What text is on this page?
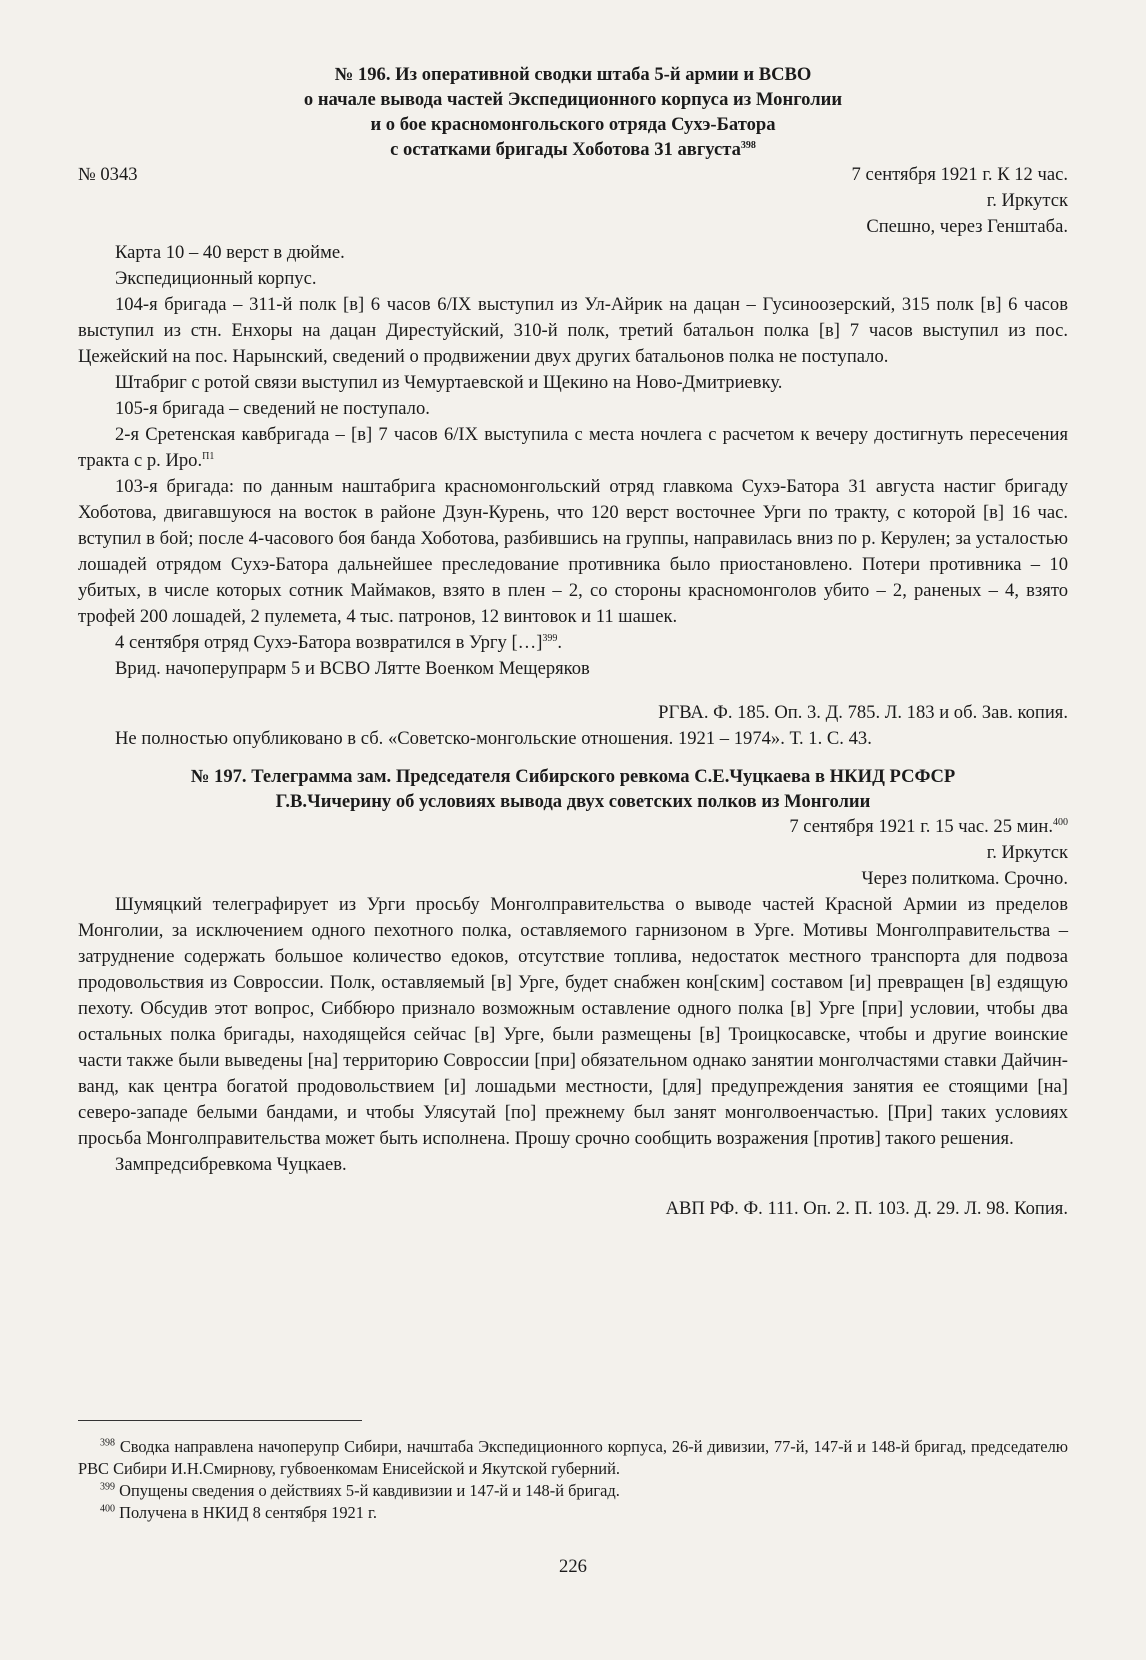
№ 196. Из оперативной сводки штаба 5-й армии и ВСВО
о начале вывода частей Экспедиционного корпуса из Монголии
и о бое красномонгольского отряда Сухэ-Батора
с остатками бригады Хоботова 31 августа$^{398}$
№ 0343	7 сентября 1921 г. К 12 час.
г. Иркутск
Спешно, через Генштаба.
Карта 10 – 40 верст в дюйме.
Экспедиционный корпус.

104-я бригада – 311-й полк [в] 6 часов 6/IX выступил из Ул-Айрик на дацан – Гусиноозерский, 315 полк [в] 6 часов выступил из стн. Енхоры на дацан Дирестуйский, 310-й полк, третий батальон полка [в] 7 часов выступил из пос. Цежейский на пос. Нарынский, сведений о продвижении двух других батальонов полка не поступало.

Штабриг с ротой связи выступил из Чемуртаевской и Щекино на Ново-Дмитриевку.

105-я бригада – сведений не поступало.

2-я Сретенская кавбригада – [в] 7 часов 6/IX выступила с места ночлега с расчетом к вечеру достигнуть пересечения тракта с р. Иро.$^{П1}$

103-я бригада: по данным наштабрига красномонгольский отряд главкома Сухэ-Батора 31 августа настиг бригаду Хоботова, двигавшуюся на восток в районе Дзун-Курень, что 120 верст восточнее Урги по тракту, с которой [в] 16 час. вступил в бой; после 4-часового боя банда Хоботова, разбившись на группы, направилась вниз по р. Керулен; за усталостью лошадей отрядом Сухэ-Батора дальнейшее преследование противника было приостановлено. Потери противника – 10 убитых, в числе которых сотник Маймаков, взято в плен – 2, со стороны красномонголов убито – 2, раненых – 4, взято трофей 200 лошадей, 2 пулемета, 4 тыс. патронов, 12 винтовок и 11 шашек.

4 сентября отряд Сухэ-Батора возвратился в Ургу […]$^{399}$.

Врид. начоперупрарм 5 и ВСВО Лятте Военком Мещеряков
РГВА. Ф. 185. Оп. 3. Д. 785. Л. 183 и об. Зав. копия.
Не полностью опубликовано в сб. «Советско-монгольские отношения. 1921 – 1974». Т. 1. С. 43.
№ 197. Телеграмма зам. Председателя Сибирского ревкома С.Е.Чуцкаева в НКИД РСФСР
Г.В.Чичерину об условиях вывода двух советских полков из Монголии
7 сентября 1921 г. 15 час. 25 мин.$^{400}$
г. Иркутск
Через политкома. Срочно.

Шумяцкий телеграфирует из Урги просьбу Монголправительства о выводе частей Красной Армии из пределов Монголии, за исключением одного пехотного полка, оставляемого гарнизоном в Урге. Мотивы Монголправительства – затруднение содержать большое количество едоков, отсутствие топлива, недостаток местного транспорта для подвоза продовольствия из Совроссии. Полк, оставляемый [в] Урге, будет снабжен кон[ским] составом [и] превращен [в] ездящую пехоту. Обсудив этот вопрос, Сиббюро признало возможным оставление одного полка [в] Урге [при] условии, чтобы два остальных полка бригады, находящейся сейчас [в] Урге, были размещены [в] Троицкосавске, чтобы и другие воинские части также были выведены [на] территорию Совроссии [при] обязательном однако занятии монголчастями ставки Дайчин-ванд, как центра богатой продовольствием [и] лошадьми местности, [для] предупреждения занятия ее стоящими [на] северо-западе белыми бандами, и чтобы Улясутай [по] прежнему был занят монголвоенчастью. [При] таких условиях просьба Монголправительства может быть исполнена. Прошу срочно сообщить возражения [против] такого решения.

Зампредсибревкома Чуцкаев.
АВП РФ. Ф. 111. Оп. 2. П. 103. Д. 29. Л. 98. Копия.

$^{398}$ Сводка направлена начоперупр Сибири, начштаба Экспедиционного корпуса, 26-й дивизии, 77-й, 147-й и 148-й бригад, председателю РВС Сибири И.Н.Смирнову, губвоенкомам Енисейской и Якутской губерний.

$^{399}$ Опущены сведения о действиях 5-й кавдивизии и 147-й и 148-й бригад.

$^{400}$ Получена в НКИД 8 сентября 1921 г.

226
